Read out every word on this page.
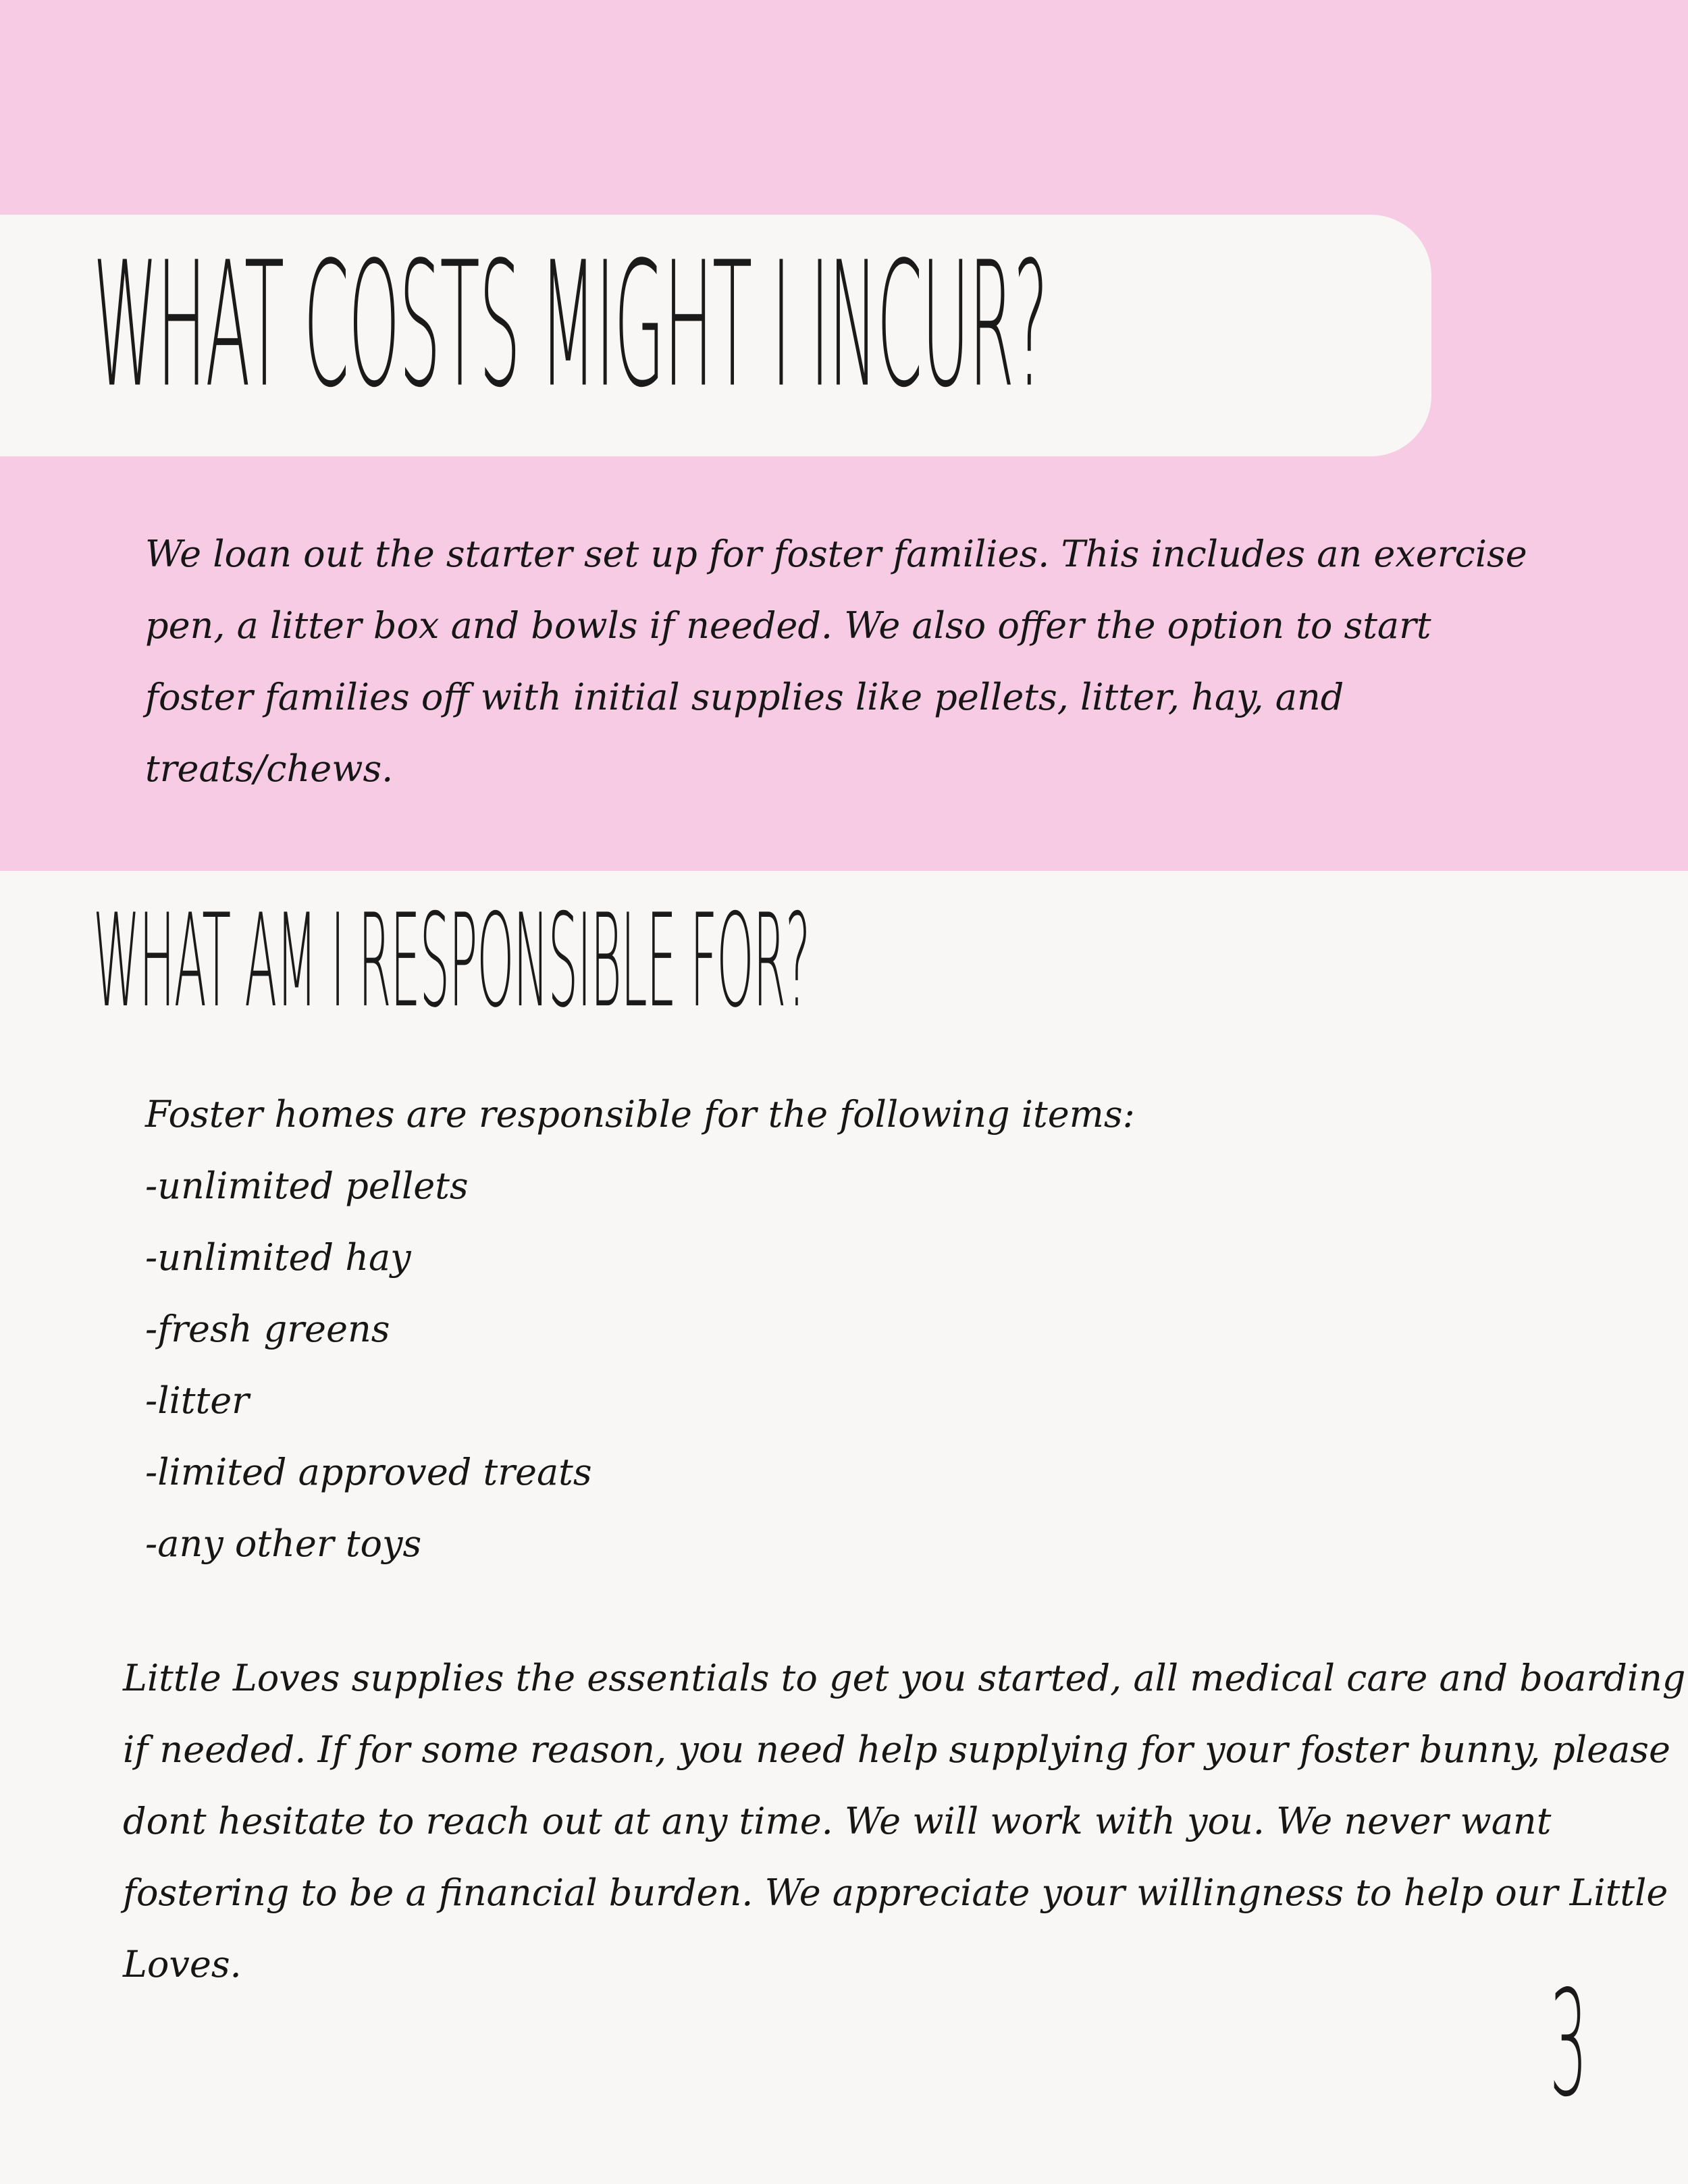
WHAT COSTS MIGHT I INCUR?
We loan out the starter set up for foster families. This includes an exercise
pen, a litter box and bowls if needed. We also offer the option to start
foster families off with initial supplies like pellets, litter, hay, and
treats/chews.
WHAT AM I RESPONSIBLE FOR?
Foster homes are responsible for the following items:
-unlimited pellets
-unlimited hay
-fresh greens
-litter
-limited approved treats
-any other toys
Little Loves supplies the essentials to get you started, all medical care and boarding
if needed. If for some reason, you need help supplying for your foster bunny, please
dont hesitate to reach out at any time. We will work with you. We never want
fostering to be a financial burden. We appreciate your willingness to help our Little
Loves.	3
